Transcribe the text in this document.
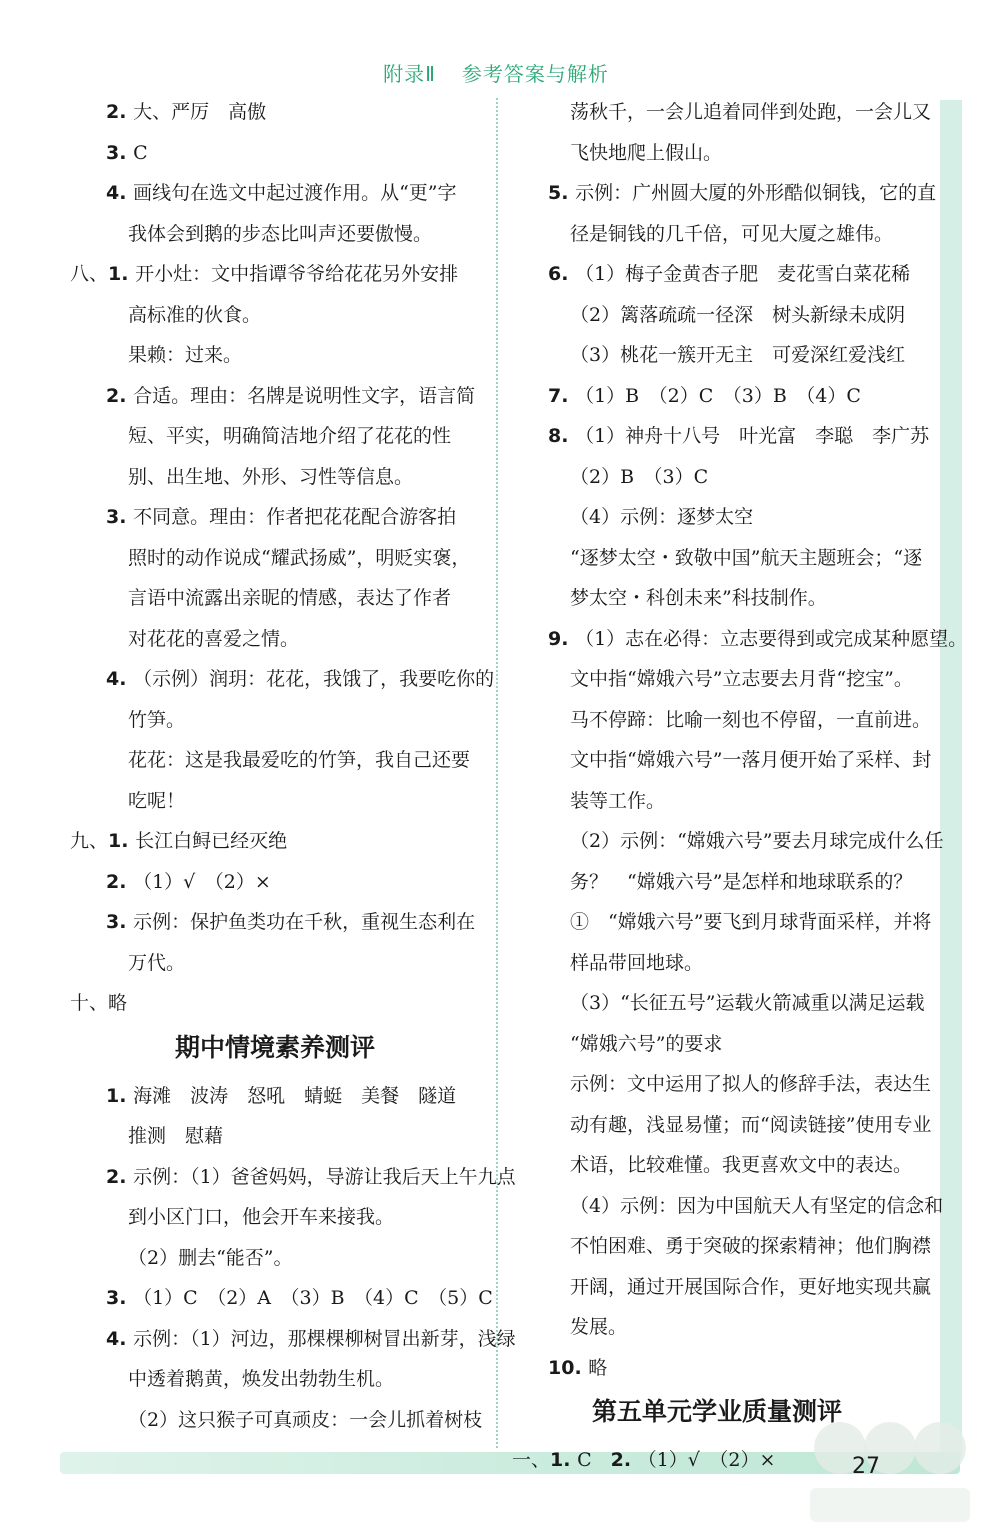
附录Ⅱ 参考答案与解析
2. 大、严厉　高傲
3. C
4. 画线句在选文中起过渡作用。从“更”字
我体会到鹅的步态比叫声还要傲慢。
八、1. 开小灶：文中指谭爷爷给花花另外安排
高标准的伙食。
果赖：过来。
2. 合适。理由：名牌是说明性文字，语言简
短、平实，明确简洁地介绍了花花的性
别、出生地、外形、习性等信息。
3. 不同意。理由：作者把花花配合游客拍
照时的动作说成“耀武扬威”，明贬实褒，
言语中流露出亲昵的情感，表达了作者
对花花的喜爱之情。
4. （示例）润玥：花花，我饿了，我要吃你的
竹笋。
花花：这是我最爱吃的竹笋，我自己还要
吃呢！
九、1. 长江白鲟已经灭绝
2. （1）√　（2）×
3. 示例：保护鱼类功在千秋，重视生态利在
万代。
十、略
期中情境素养测评
1. 海滩　波涛　怒吼　蜻蜓　美餐　隧道
推测　慰藉
2. 示例：（1）爸爸妈妈，导游让我后天上午九点
到小区门口，他会开车来接我。
（2）删去“能否”。
3. （1）C　（2）A　（3）B　（4）C　（5）C
4. 示例：（1）河边，那棵棵柳树冒出新芽，浅绿
中透着鹅黄，焕发出勃勃生机。
（2）这只猴子可真顽皮：一会儿抓着树枝
荡秋千，一会儿追着同伴到处跑，一会儿又
飞快地爬上假山。
5. 示例：广州圆大厦的外形酷似铜钱，它的直
径是铜钱的几千倍，可见大厦之雄伟。
6. （1）梅子金黄杏子肥　麦花雪白菜花稀
（2）篱落疏疏一径深　树头新绿未成阴
（3）桃花一簇开无主　可爱深红爱浅红
7. （1）B　（2）C　（3）B　（4）C
8. （1）神舟十八号　叶光富　李聪　李广苏
（2）B　（3）C
（4）示例：逐梦太空
“逐梦太空・致敬中国”航天主题班会；“逐
梦太空・科创未来”科技制作。
9. （1）志在必得：立志要得到或完成某种愿望。
文中指“嫦娥六号”立志要去月背“挖宝”。
马不停蹄：比喻一刻也不停留，一直前进。
文中指“嫦娥六号”一落月便开始了采样、封
装等工作。
（2）示例：“嫦娥六号”要去月球完成什么任
务？　“嫦娥六号”是怎样和地球联系的？
①　“嫦娥六号”要飞到月球背面采样，并将
样品带回地球。
（3）“长征五号”运载火箭减重以满足运载
“嫦娥六号”的要求
示例：文中运用了拟人的修辞手法，表达生
动有趣，浅显易懂；而“阅读链接”使用专业
术语，比较难懂。我更喜欢文中的表达。
（4）示例：因为中国航天人有坚定的信念和
不怕困难、勇于突破的探索精神；他们胸襟
开阔，通过开展国际合作，更好地实现共赢
发展。
10. 略
第五单元学业质量测评
一、1. C　2. （1）√　（2）×	27
